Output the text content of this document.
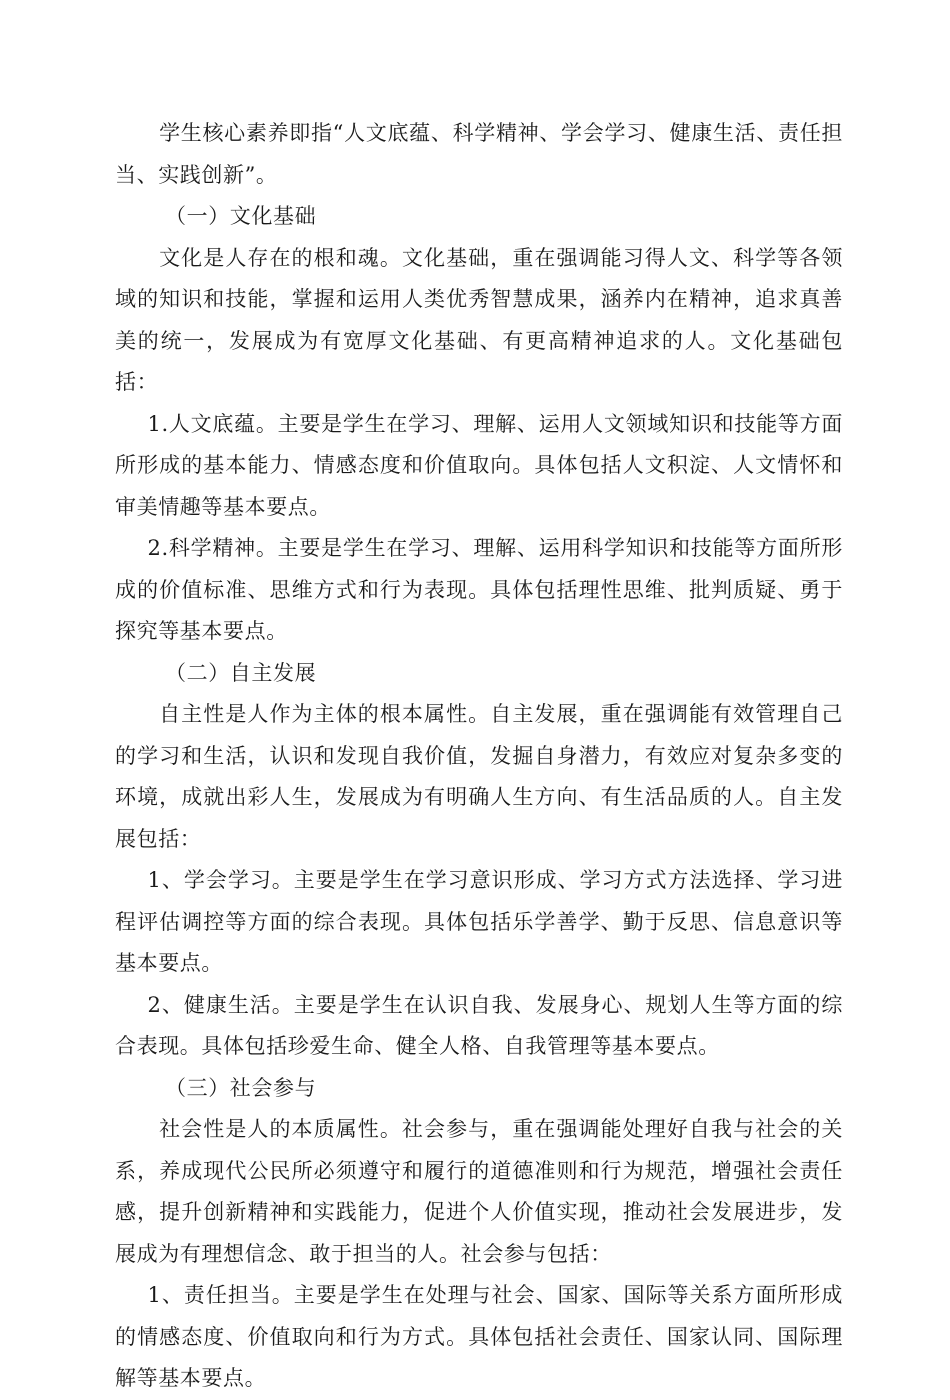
学生核心素养即指“人文底蕴、科学精神、学会学习、健康生活、责任担当、实践创新”。

（一）文化基础

文化是人存在的根和魂。文化基础，重在强调能习得人文、科学等各领域的知识和技能，掌握和运用人类优秀智慧成果，涵养内在精神，追求真善美的统一，发展成为有宽厚文化基础、有更高精神追求的人。文化基础包括：

1.人文底蕴。主要是学生在学习、理解、运用人文领域知识和技能等方面所形成的基本能力、情感态度和价值取向。具体包括人文积淀、人文情怀和审美情趣等基本要点。

2.科学精神。主要是学生在学习、理解、运用科学知识和技能等方面所形成的价值标准、思维方式和行为表现。具体包括理性思维、批判质疑、勇于探究等基本要点。

（二）自主发展

自主性是人作为主体的根本属性。自主发展，重在强调能有效管理自己的学习和生活，认识和发现自我价值，发掘自身潜力，有效应对复杂多变的环境，成就出彩人生，发展成为有明确人生方向、有生活品质的人。自主发展包括：

1、学会学习。主要是学生在学习意识形成、学习方式方法选择、学习进程评估调控等方面的综合表现。具体包括乐学善学、勤于反思、信息意识等基本要点。

2、健康生活。主要是学生在认识自我、发展身心、规划人生等方面的综合表现。具体包括珍爱生命、健全人格、自我管理等基本要点。

（三）社会参与

社会性是人的本质属性。社会参与，重在强调能处理好自我与社会的关系，养成现代公民所必须遵守和履行的道德准则和行为规范，增强社会责任感，提升创新精神和实践能力，促进个人价值实现，推动社会发展进步，发展成为有理想信念、敢于担当的人。社会参与包括：

1、责任担当。主要是学生在处理与社会、国家、国际等关系方面所形成的情感态度、价值取向和行为方式。具体包括社会责任、国家认同、国际理解等基本要点。
